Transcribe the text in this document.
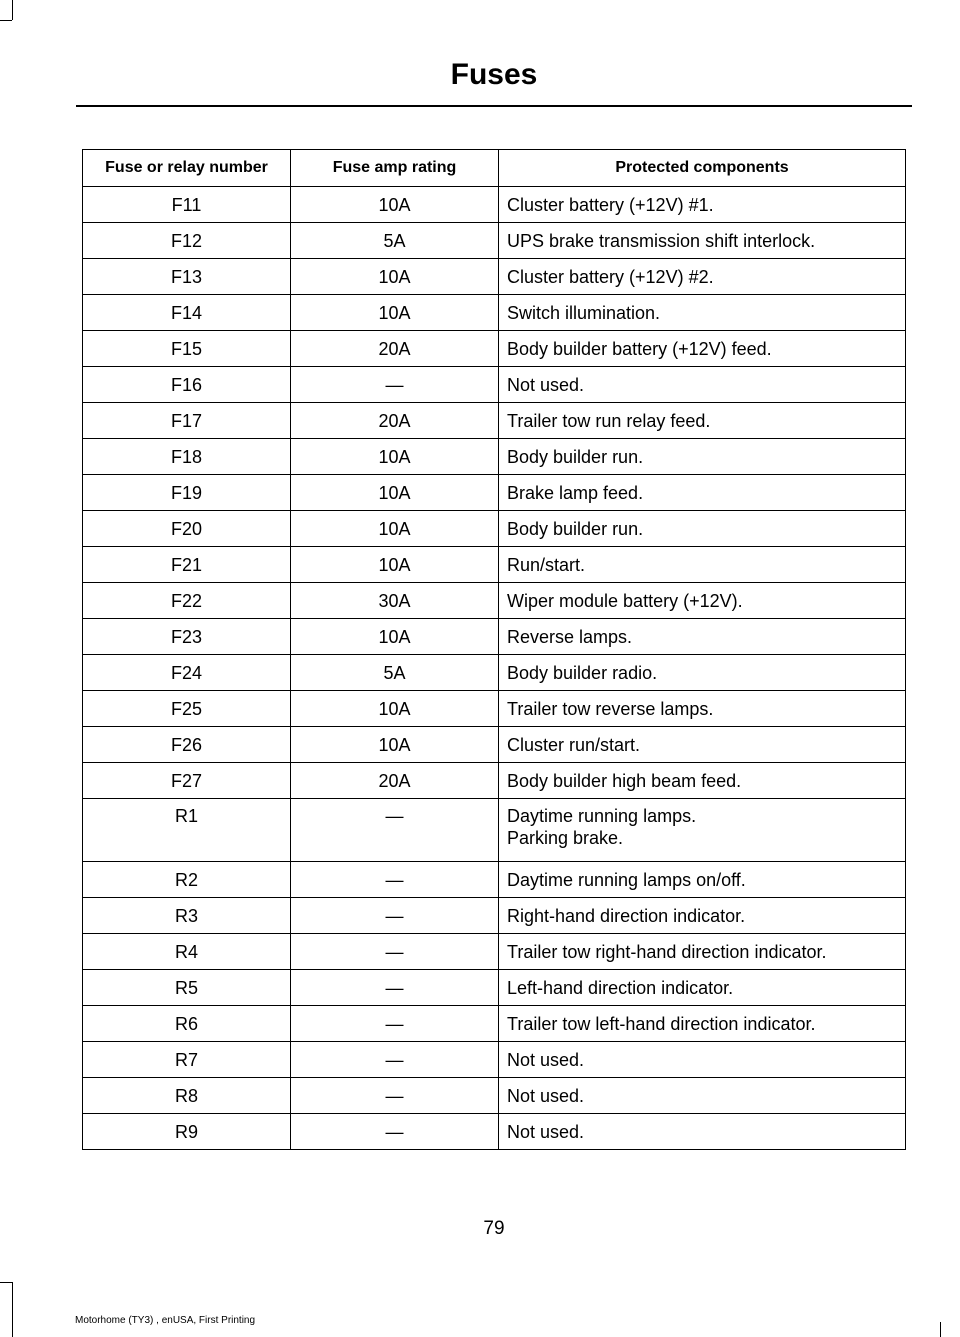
Fuses
Fuse or relay number	Fuse amp rating	Protected components
F11	10A	Cluster battery (+12V) #1.

F12	5A	UPS brake transmission shift interlock.

F13	10A	Cluster battery (+12V) #2.

F14	10A	Switch illumination.

F15	20A	Body builder battery (+12V) feed.

F16	—	Not used.

F17	20A	Trailer tow run relay feed.

F18	10A	Body builder run.

F19	10A	Brake lamp feed.

F20	10A	Body builder run.

F21	10A	Run/start.

F22	30A	Wiper module battery (+12V).

F23	10A	Reverse lamps.

F24	5A	Body builder radio.

F25	10A	Trailer tow reverse lamps.

F26	10A	Cluster run/start.

F27	20A	Body builder high beam feed.

R1	—	Daytime running lamps.
Parking brake.

R2	—	Daytime running lamps on/off.

R3	—	Right-hand direction indicator.

R4	—	Trailer tow right-hand direction indicator.

R5	—	Left-hand direction indicator.

R6	—	Trailer tow left-hand direction indicator.

R7	—	Not used.

R8	—	Not used.

R9	—	Not used.
79
Motorhome (TY3) , enUSA, First Printing
